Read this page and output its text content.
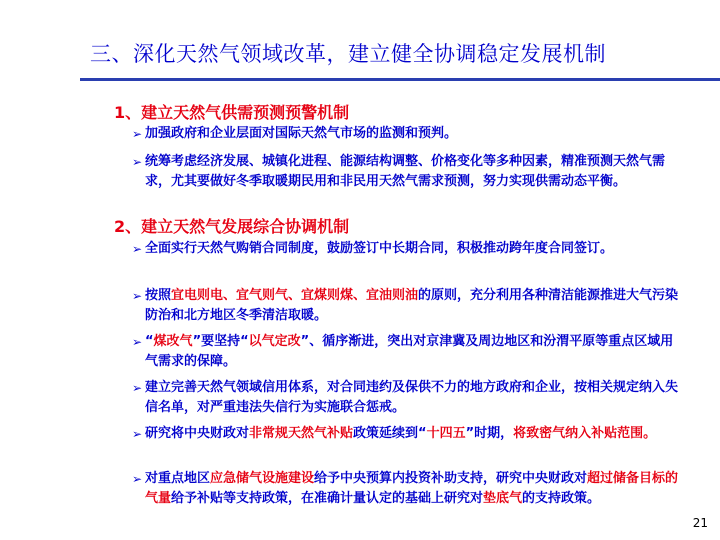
三、深化天然气领域改革，建立健全协调稳定发展机制
1、建立天然气供需预测预警机制
➢ 加强政府和企业层面对国际天然气市场的监测和预判。
➢ 统筹考虑经济发展、城镇化进程、能源结构调整、价格变化等多种因素，精准预测天然气需求，尤其要做好冬季取暖期民用和非民用天然气需求预测，努力实现供需动态平衡。
2、建立天然气发展综合协调机制
➢ 全面实行天然气购销合同制度，鼓励签订中长期合同，积极推动跨年度合同签订。
➢ 按照宜电则电、宜气则气、宜煤则煤、宜油则油的原则，充分利用各种清洁能源推进大气污染防治和北方地区冬季清洁取暖。
➢ “煤改气”要坚持“以气定改”、循序渐进，突出对京津冀及周边地区和汾渭平原等重点区域用气需求的保障。
➢ 建立完善天然气领域信用体系，对合同违约及保供不力的地方政府和企业，按相关规定纳入失信名单，对严重违法失信行为实施联合惩戒。
➢ 研究将中央财政对非常规天然气补贴政策延续到“十四五”时期，将致密气纳入补贴范围。
➢ 对重点地区应急储气设施建设给予中央预算内投资补助支持，研究中央财政对超过储备目标的气量给予补贴等支持政策，在准确计量认定的基础上研究对垫底气的支持政策。
21
